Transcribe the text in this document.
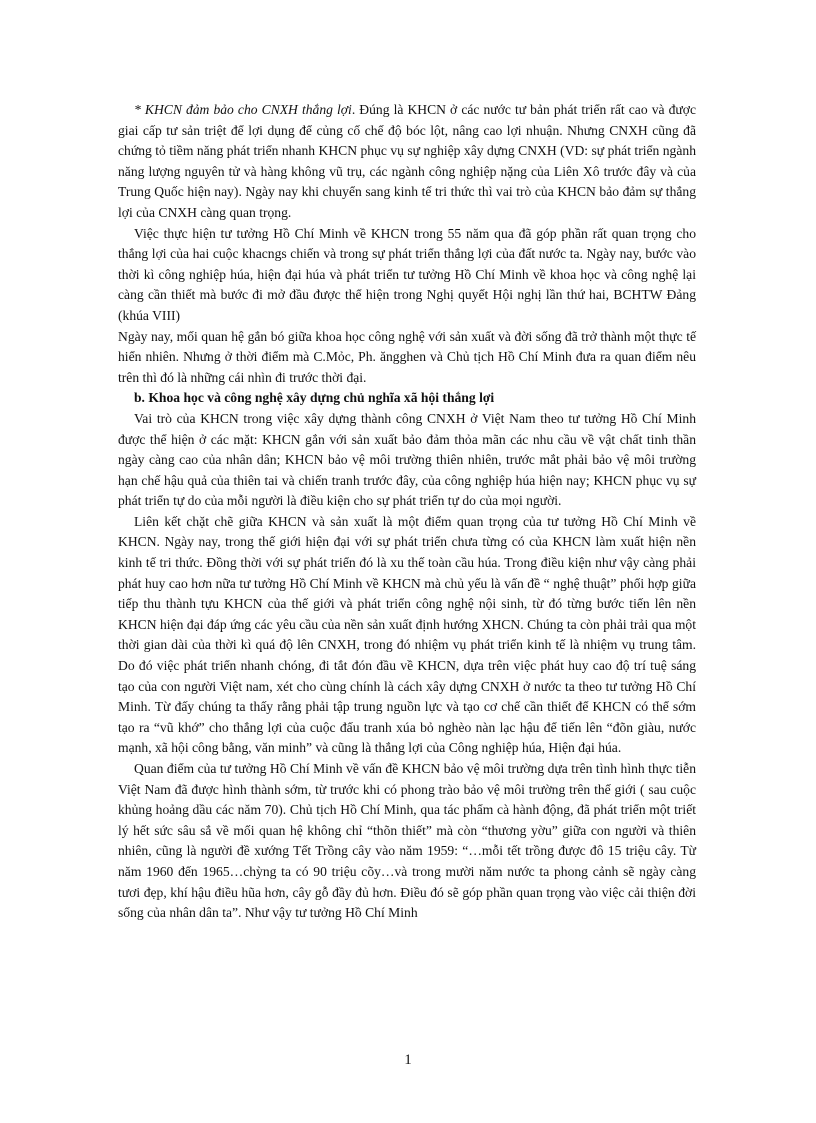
* KHCN đảm bảo cho CNXH thắng lợi. Đúng là KHCN ở các nước tư bản phát triển rất cao và được giai cấp tư sản triệt để lợi dụng để củng cố chế độ bóc lột, nâng cao lợi nhuận. Nhưng CNXH cũng đã chứng tỏ tiềm năng phát triển nhanh KHCN phục vụ sự nghiệp xây dựng CNXH (VD: sự phát triển ngành năng lượng nguyên tử và hàng không vũ trụ, các ngành công nghiệp nặng của Liên Xô trước đây và của Trung Quốc hiện nay). Ngày nay khi chuyển sang kinh tế tri thức thì vai trò của KHCN bảo đảm sự thắng lợi của CNXH càng quan trọng.

Việc thực hiện tư tưởng Hồ Chí Minh về KHCN trong 55 năm qua đã góp phần rất quan trọng cho thắng lợi của hai cuộc khacngs chiến và trong sự phát triển thắng lợi của đất nước ta. Ngày nay, bước vào thời kì công nghiệp húa, hiện đại húa và phát triển tư tưởng Hồ Chí Minh về khoa học và công nghệ lại càng cần thiết mà bước đi mở đầu được thể hiện trong Nghị quyết Hội nghị lần thứ hai, BCHTW Đảng (khúa VIII)

Ngày nay, mối quan hệ gắn bó giữa khoa học công nghệ với sản xuất và đời sống đã trở thành một thực tế hiển nhiên. Nhưng ở thời điểm mà C.Mỏc, Ph. ăngghen và Chủ tịch Hồ Chí Minh đưa ra quan điểm nêu trên thì đó là những cái nhìn đi trước thời đại.

b. Khoa học và công nghệ xây dựng chủ nghĩa xã hội thắng lợi

Vai trò của KHCN trong việc xây dựng thành công CNXH ở Việt Nam theo tư tưởng Hồ Chí Minh được thể hiện ở các mặt: KHCN gắn với sản xuất bảo đảm thỏa mãn các nhu cầu về vật chất tinh thần ngày càng cao của nhân dân; KHCN bảo vệ môi trường thiên nhiên, trước mắt phải bảo vệ môi trường hạn chế hậu quả của thiên tai và chiến tranh trước đây, của công nghiệp húa hiện nay; KHCN phục vụ sự phát triển tự do của mỗi người là điều kiện cho sự phát triển tự do của mọi người.

Liên kết chặt chẽ giữa KHCN và sản xuất là một điểm quan trọng của tư tưởng Hồ Chí Minh về KHCN. Ngày nay, trong thế giới hiện đại với sự phát triển chưa từng có của KHCN làm xuất hiện nền kinh tế tri thức. Đồng thời với sự phát triển đó là xu thế toàn cầu húa. Trong điều kiện như vậy càng phải phát huy cao hơn nữa tư tưởng Hồ Chí Minh về KHCN mà chủ yếu là vấn đề “ nghệ thuật” phối hợp giữa tiếp thu thành tựu KHCN của thế giới và phát triển công nghệ nội sinh, từ đó từng bước tiến lên nền KHCN hiện đại đáp ứng các yêu cầu của nền sản xuất định hướng XHCN. Chúng ta còn phải trải qua một thời gian dài của thời kì quá độ lên CNXH, trong đó nhiệm vụ phát triển kinh tế là nhiệm vụ trung tâm. Do đó việc phát triển nhanh chóng, đi tắt đón đầu về KHCN, dựa trên việc phát huy cao độ trí tuệ sáng tạo của con người Việt nam, xét cho cùng chính là cách xây dựng CNXH ở nước ta theo tư tưởng Hồ Chí Minh. Từ đấy chúng ta thấy rằng phải tập trung nguồn lực và tạo cơ chế cần thiết để KHCN có thể sớm tạo ra “vũ khớ” cho thắng lợi của cuộc đấu tranh xúa bỏ nghèo nàn lạc hậu để tiến lên “đõn giàu, nước mạnh, xã hội công bằng, văn minh” và cũng là thắng lợi của Công nghiệp húa, Hiện đại húa.

Quan điểm của tư tưởng Hồ Chí Minh về vấn đề KHCN bảo vệ môi trường dựa trên tình hình thực tiễn Việt Nam đã được hình thành sớm, từ trước khi có phong trào bảo vệ môi trường trên thế giới ( sau cuộc khủng hoảng dầu các năm 70). Chủ tịch Hồ Chí Minh, qua tác phẩm cà hành động, đã phát triển một triết lý hết sức sâu sắ về mối quan hệ không chỉ “thõn thiết” mà còn “thương yờu” giữa con người và thiên nhiên, cũng là người đề xướng Tết Trồng cây vào năm 1959: “…mỗi tết trồng được đô 15 triệu cây. Từ năm 1960 đến 1965…chỳng ta có 90 triệu cõy…và trong mười năm nước ta phong cảnh sẽ ngày càng tươi đẹp, khí hậu điều hũa hơn, cây gỗ đầy đủ hơn. Điều đó sẽ góp phần quan trọng vào việc cải thiện đời sống của nhân dân ta”. Như vậy tư tưởng Hồ Chí Minh

1
